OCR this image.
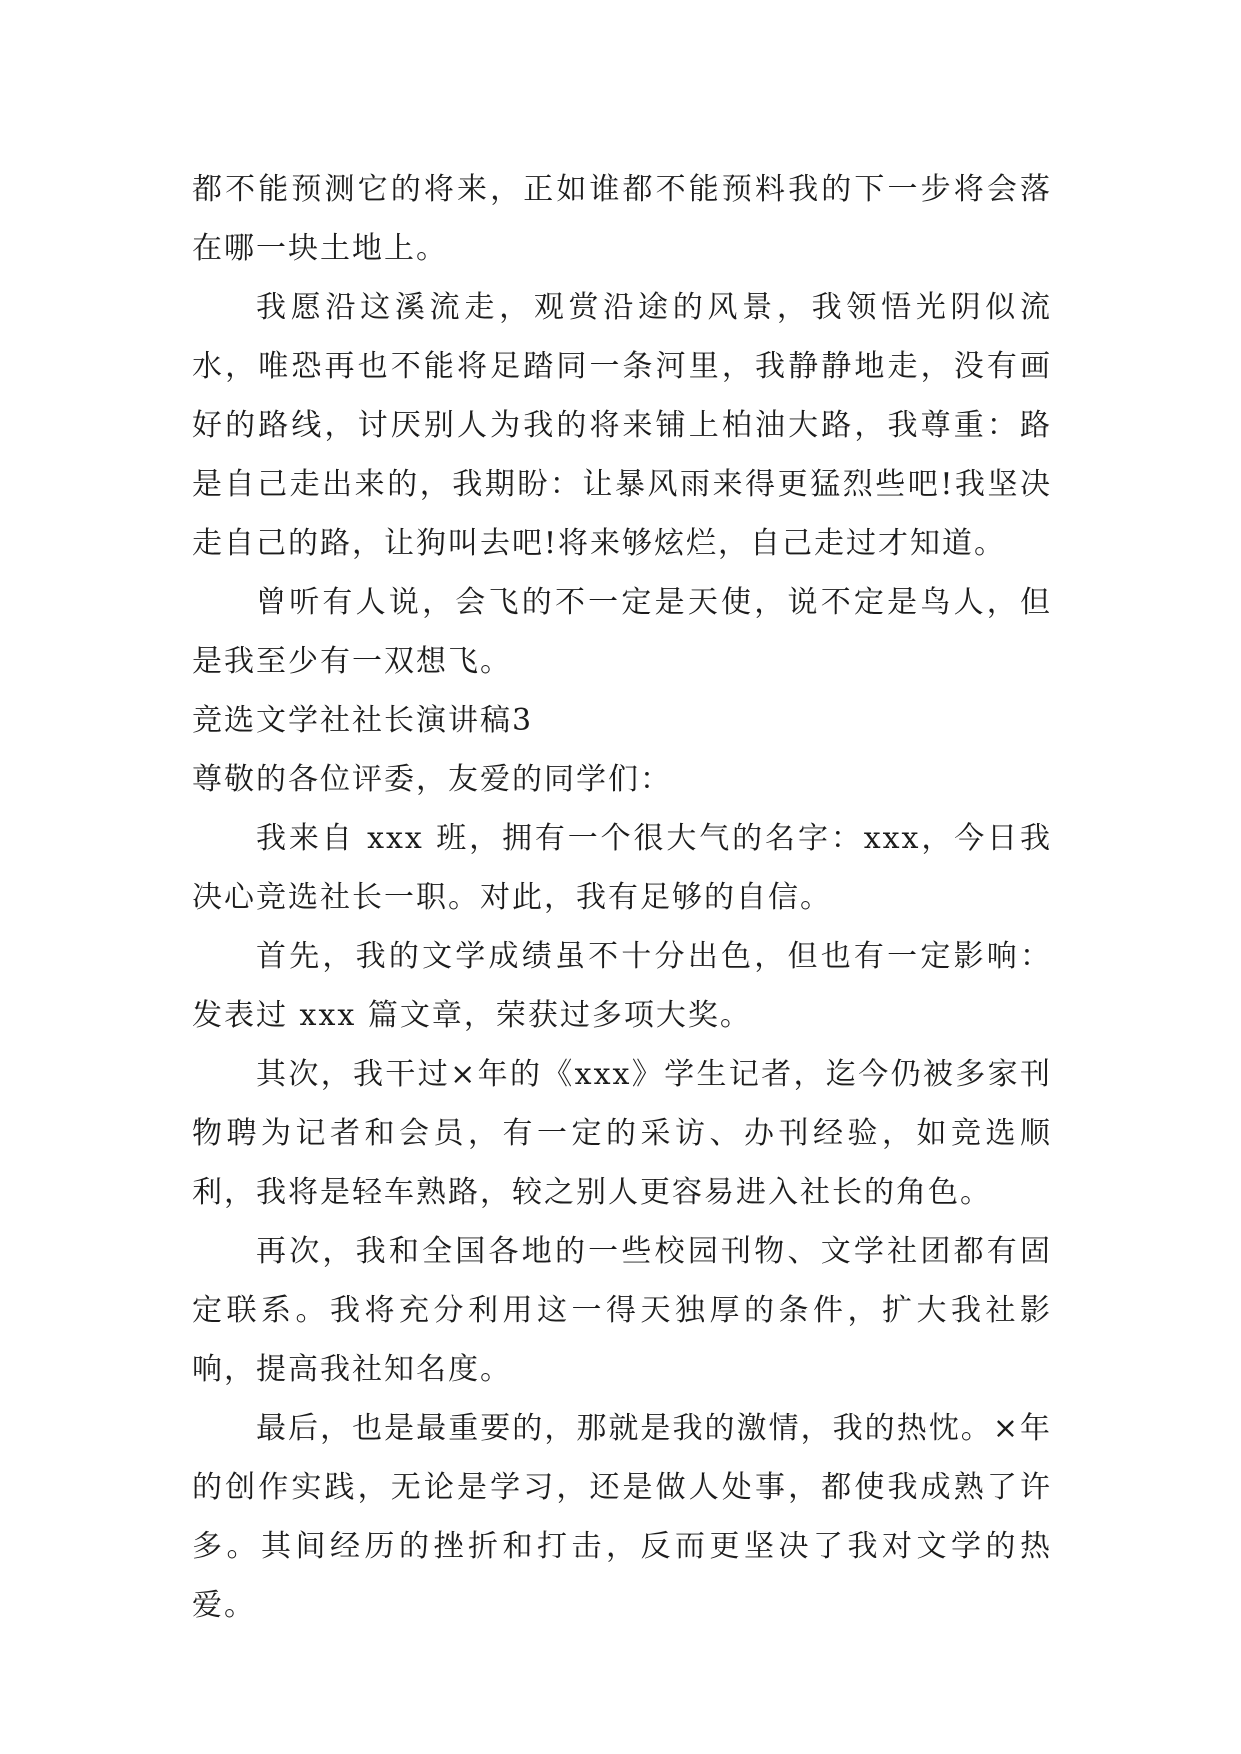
都不能预测它的将来，正如谁都不能预料我的下一步将会落在哪一块土地上。

我愿沿这溪流走，观赏沿途的风景，我领悟光阴似流水，唯恐再也不能将足踏同一条河里，我静静地走，没有画好的路线，讨厌别人为我的将来铺上柏油大路，我尊重：路是自己走出来的，我期盼：让暴风雨来得更猛烈些吧!我坚决走自己的路，让狗叫去吧!将来够炫烂，自己走过才知道。

曾听有人说，会飞的不一定是天使，说不定是鸟人，但是我至少有一双想飞。

竞选文学社社长演讲稿3

尊敬的各位评委，友爱的同学们：

我来自 xxx 班，拥有一个很大气的名字：xxx，今日我决心竞选社长一职。对此，我有足够的自信。

首先，我的文学成绩虽不十分出色，但也有一定影响：发表过 xxx 篇文章，荣获过多项大奖。

其次，我干过×年的《xxx》学生记者，迄今仍被多家刊物聘为记者和会员，有一定的采访、办刊经验，如竞选顺利，我将是轻车熟路，较之别人更容易进入社长的角色。

再次，我和全国各地的一些校园刊物、文学社团都有固定联系。我将充分利用这一得天独厚的条件，扩大我社影响，提高我社知名度。

最后，也是最重要的，那就是我的激情，我的热忱。×年的创作实践，无论是学习，还是做人处事，都使我成熟了许多。其间经历的挫折和打击，反而更坚决了我对文学的热爱。
